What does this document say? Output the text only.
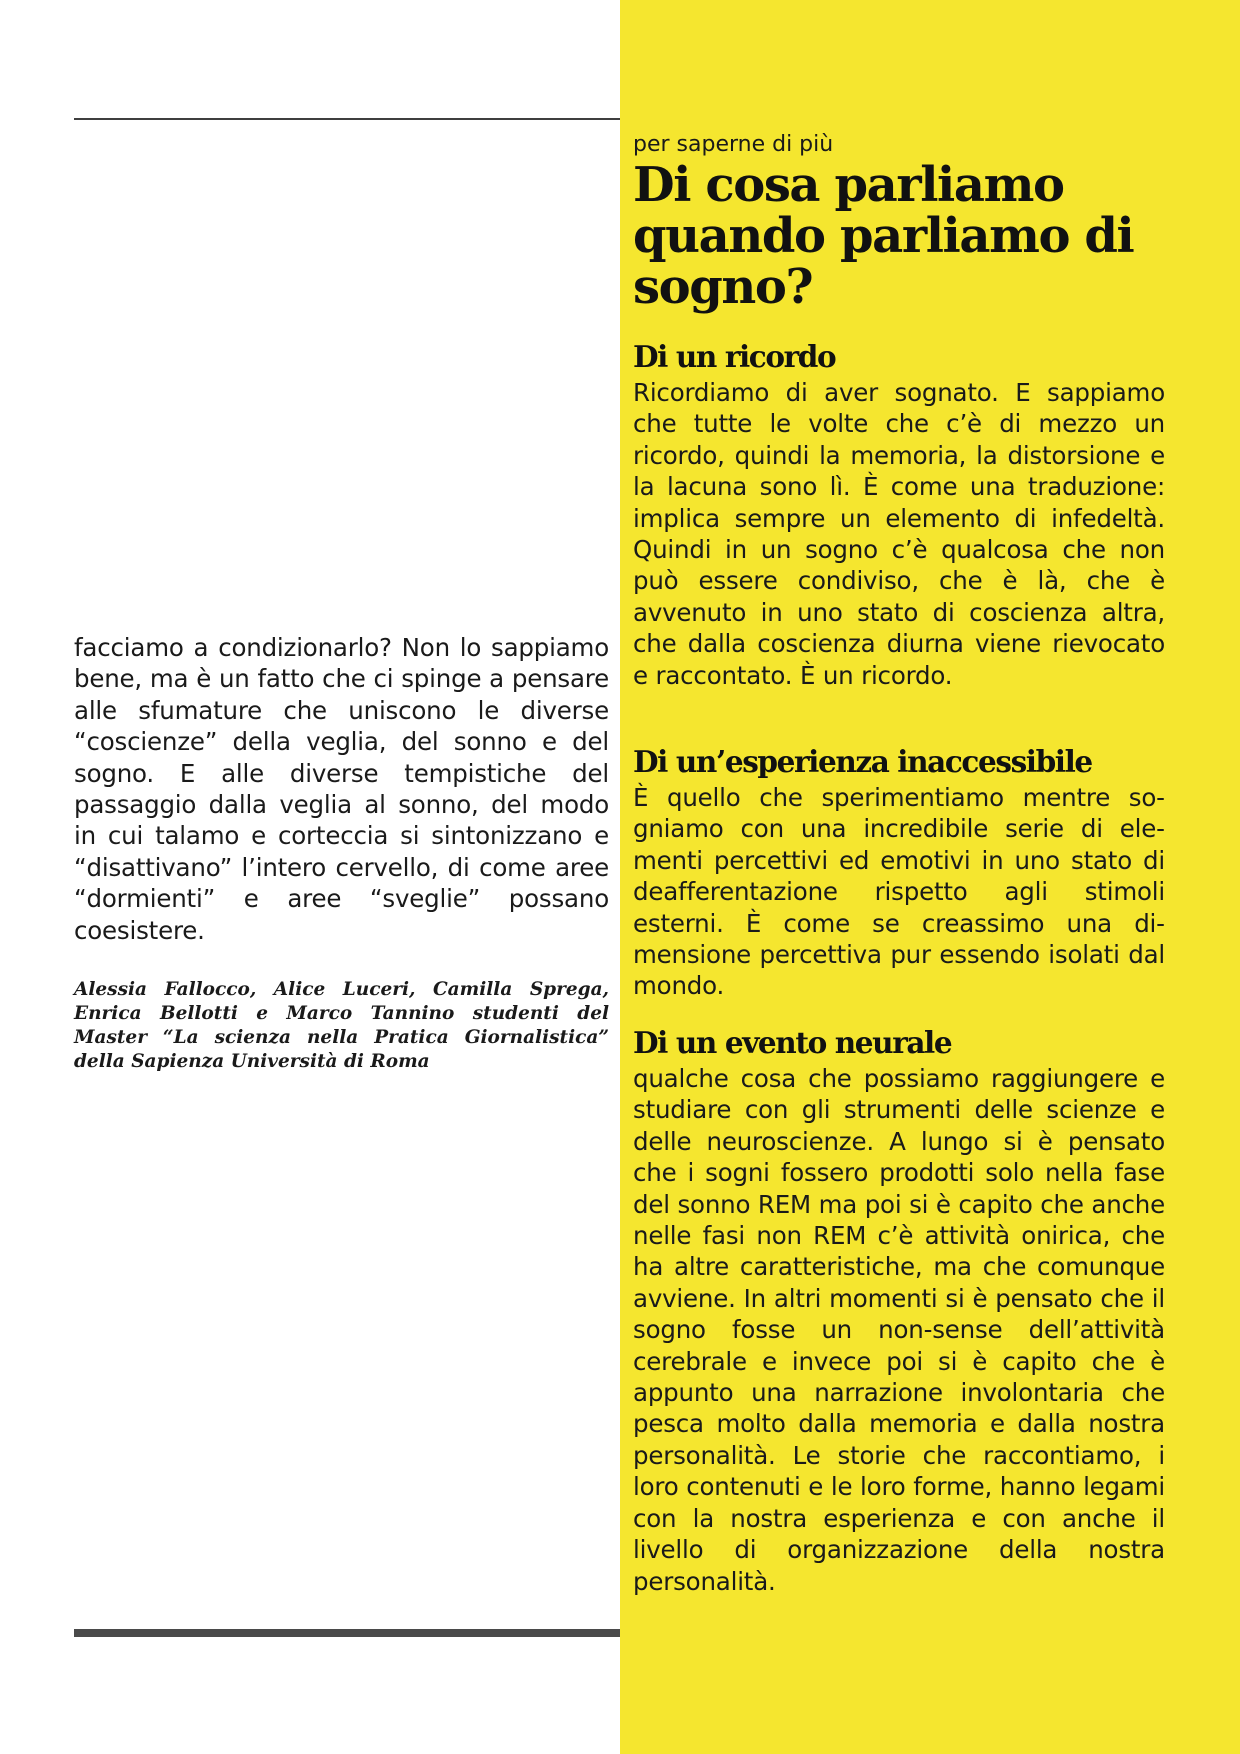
facciamo a condizionarlo? Non lo sappiamo bene, ma è un fatto che ci spinge a pensare alle sfumature che uniscono le diverse “coscienze” della veglia, del sonno e del sogno. E alle diverse tempistiche del passaggio dalla veglia al sonno, del modo in cui talamo e corteccia si sintonizzano e “disattivano” l’intero cervello, di come aree “dormienti” e aree “sveglie” possano coesistere.
Alessia Fallocco, Alice Luceri, Camilla Sprega, Enrica Bellotti e Marco Tannino studenti del Master “La scienza nella Pratica Giornalistica” della Sapienza Università di Roma
per saperne di più
Di cosa parliamo quando parliamo di sogno?
Di un ricordo
Ricordiamo di aver sognato. E sappiamo che tutte le volte che c’è di mezzo un ricordo, quindi la memoria, la distorsione e la lacuna sono lì. È come una traduzione: implica sempre un elemento di infedeltà. Quindi in un sogno c’è qualcosa che non può essere condiviso, che è là, che è avvenuto in uno stato di coscienza altra, che dalla coscienza diurna viene rievocato e raccontato. È un ricordo.
Di un’esperienza inaccessibile
È quello che sperimentiamo mentre sogniamo con una incredibile serie di elementi percettivi ed emotivi in uno stato di deafferentazione rispetto agli stimoli esterni. È come se creassimo una dimensione percettiva pur essendo isolati dal mondo.
Di un evento neurale
qualche cosa che possiamo raggiungere e studiare con gli strumenti delle scienze e delle neuroscienze. A lungo si è pensato che i sogni fossero prodotti solo nella fase del sonno REM ma poi si è capito che anche nelle fasi non REM c’è attività onirica, che ha altre caratteristiche, ma che comunque avviene. In altri momenti si è pensato che il sogno fosse un non-sense dell’attività cerebrale e invece poi si è capito che è appunto una narrazione involontaria che pesca molto dalla memoria e dalla nostra personalità. Le storie che raccontiamo, i loro contenuti e le loro forme, hanno legami con la nostra esperienza e con anche il livello di organizzazione della nostra personalità.
